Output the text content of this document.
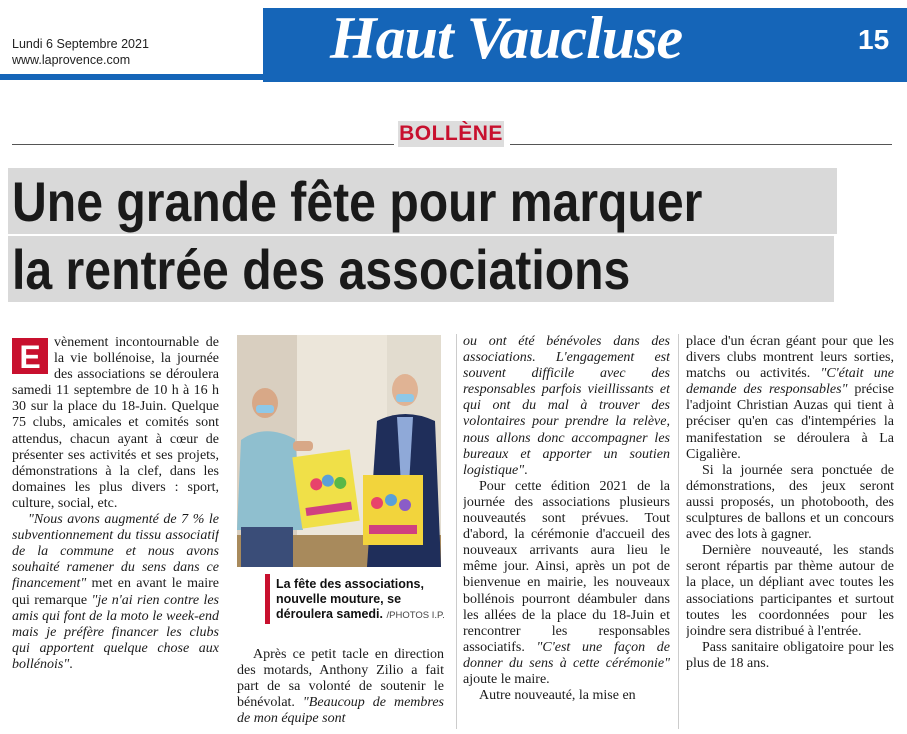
Lundi 6 Septembre 2021
www.laprovence.com	Haut Vaucluse	15
BOLLÈNE
Une grande fête pour marquer
la rentrée des associations

E vènement incontournable de la vie bollénoise, la journée des associations se déroulera samedi 11 septembre de 10 h à 16 h 30 sur la place du 18-Juin. Quelque 75 clubs, amicales et comités sont attendus, chacun ayant à cœur de présenter ses activités et ses projets, démonstrations à la clef, dans les domaines les plus divers : sport, culture, social, etc.

"Nous avons augmenté de 7 % le subventionnement du tissu associatif de la commune et nous avons souhaité ramener du sens dans ce financement" met en avant le maire qui remarque "je n'ai rien contre les amis qui font de la moto le week-end mais je préfère financer les clubs qui apportent quelque chose aux bollénois".

La fête des associations, nouvelle mouture, se déroulera samedi. /PHOTOS I.P.

Après ce petit tacle en direction des motards, Anthony Zilio a fait part de sa volonté de soutenir le bénévolat. "Beaucoup de membres de mon équipe sont

ou ont été bénévoles dans des associations. L'engagement est souvent difficile avec des responsables parfois vieillissants et qui ont du mal à trouver des volontaires pour prendre la relève, nous allons donc accompagner les bureaux et apporter un soutien logistique".

Pour cette édition 2021 de la journée des associations plusieurs nouveautés sont prévues. Tout d'abord, la cérémonie d'accueil des nouveaux arrivants aura lieu le même jour. Ainsi, après un pot de bienvenue en mairie, les nouveaux bollénois pourront déambuler dans les allées de la place du 18-Juin et rencontrer les responsables associatifs. "C'est une façon de donner du sens à cette cérémonie" ajoute le maire.

Autre nouveauté, la mise en

place d'un écran géant pour que les divers clubs montrent leurs sorties, matchs ou activités. "C'était une demande des responsables" précise l'adjoint Christian Auzas qui tient à préciser qu'en cas d'intempéries la manifestation se déroulera à La Cigalière.

Si la journée sera ponctuée de démonstrations, des jeux seront aussi proposés, un photobooth, des sculptures de ballons et un concours avec des lots à gagner.

Dernière nouveauté, les stands seront répartis par thème autour de la place, un dépliant avec toutes les associations participantes et surtout toutes les coordonnées pour les joindre sera distribué à l'entrée.

Pass sanitaire obligatoire pour les plus de 18 ans.
